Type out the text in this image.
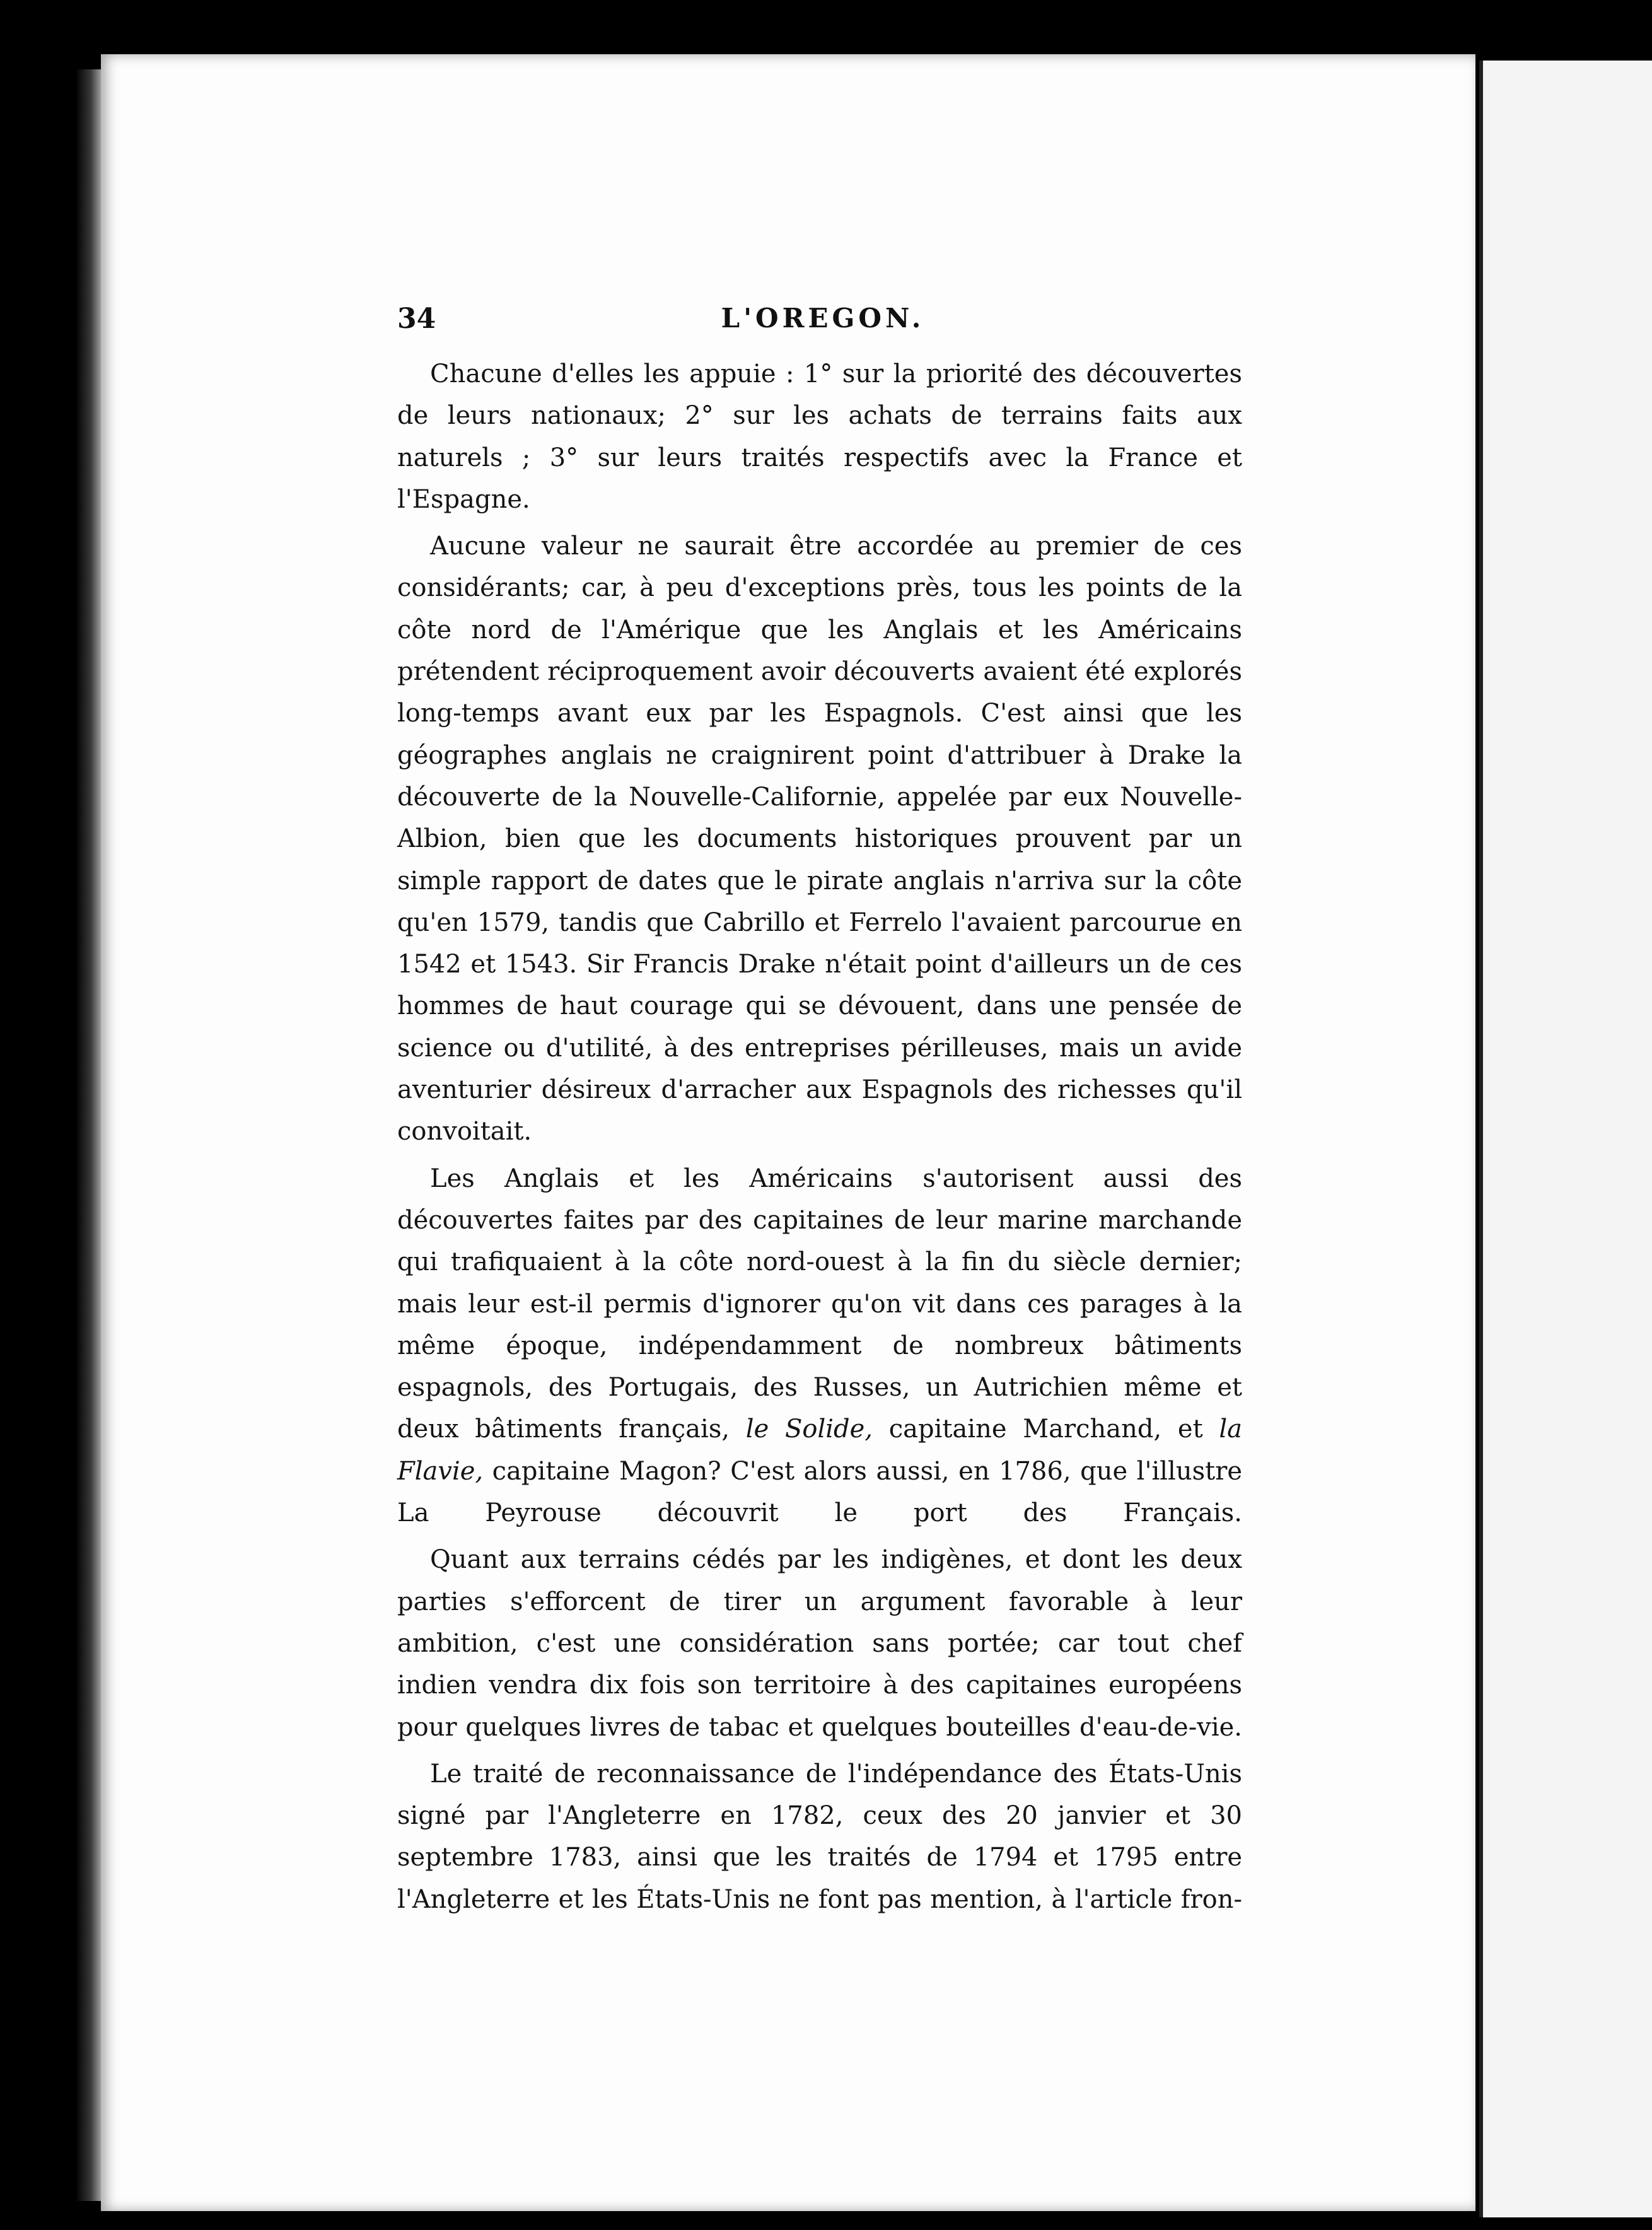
34	L'OREGON.

Chacune d'elles les appuie : 1° sur la priorité des découvertes de leurs nationaux; 2° sur les achats de terrains faits aux naturels ; 3° sur leurs traités respectifs avec la France et l'Espagne.

Aucune valeur ne saurait être accordée au premier de ces considérants; car, à peu d'exceptions près, tous les points de la côte nord de l'Amérique que les Anglais et les Américains prétendent réciproquement avoir découverts avaient été explorés long-temps avant eux par les Espagnols. C'est ainsi que les géographes anglais ne craignirent point d'attribuer à Drake la découverte de la Nouvelle-Californie, appelée par eux Nouvelle-Albion, bien que les documents historiques prouvent par un simple rapport de dates que le pirate anglais n'arriva sur la côte qu'en 1579, tandis que Cabrillo et Ferrelo l'avaient parcourue en 1542 et 1543. Sir Francis Drake n'était point d'ailleurs un de ces hommes de haut courage qui se dévouent, dans une pensée de science ou d'utilité, à des entreprises périlleuses, mais un avide aventurier désireux d'arracher aux Espagnols des richesses qu'il convoitait.

Les Anglais et les Américains s'autorisent aussi des découvertes faites par des capitaines de leur marine marchande qui trafiquaient à la côte nord-ouest à la fin du siècle dernier; mais leur est-il permis d'ignorer qu'on vit dans ces parages à la même époque, indépendamment de nombreux bâtiments espagnols, des Portugais, des Russes, un Autrichien même et deux bâtiments français, le Solide, capitaine Marchand, et la Flavie, capitaine Magon? C'est alors aussi, en 1786, que l'illustre La Peyrouse découvrit le port des Français.

Quant aux terrains cédés par les indigènes, et dont les deux parties s'efforcent de tirer un argument favorable à leur ambition, c'est une considération sans portée; car tout chef indien vendra dix fois son territoire à des capitaines européens pour quelques livres de tabac et quelques bouteilles d'eau-de-vie.

Le traité de reconnaissance de l'indépendance des États-Unis signé par l'Angleterre en 1782, ceux des 20 janvier et 30 septembre 1783, ainsi que les traités de 1794 et 1795 entre l'Angleterre et les États-Unis ne font pas mention, à l'article fron-
